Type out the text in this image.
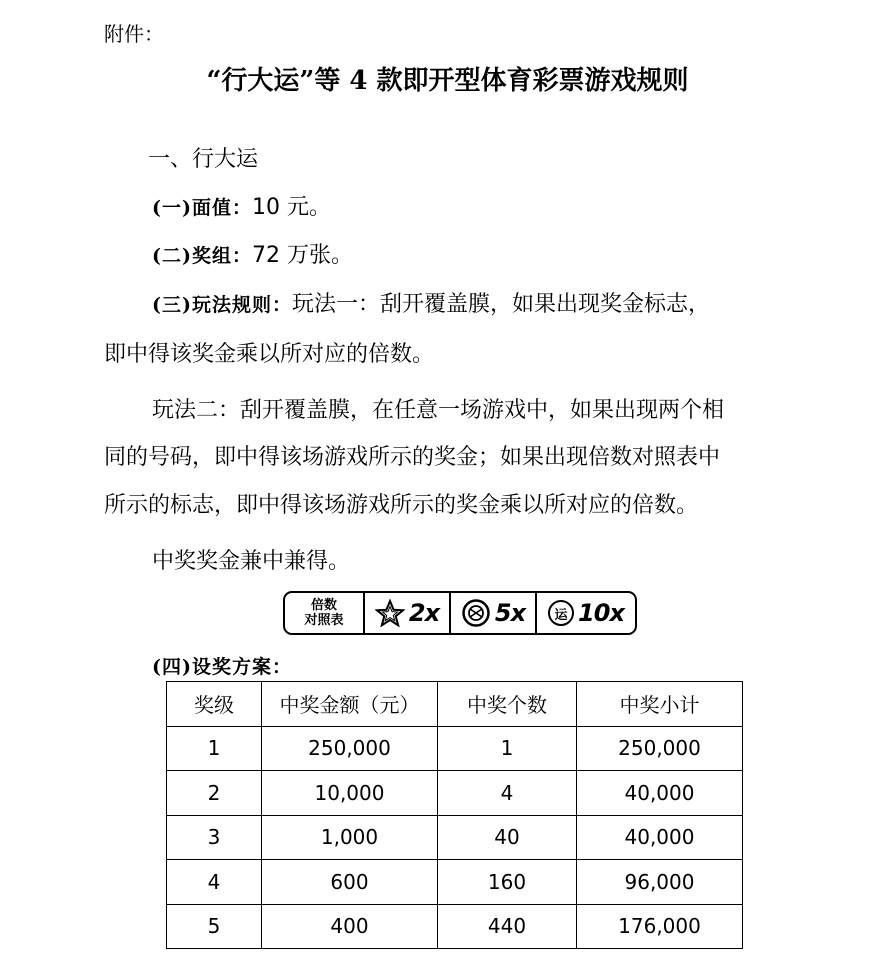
附件：
“行大运”等 4 款即开型体育彩票游戏规则
一、行大运
(一)面值：10 元。
(二)奖组：72 万张。
(三)玩法规则：玩法一：刮开覆盖膜，如果出现奖金标志，
即中得该奖金乘以所对应的倍数。
玩法二：刮开覆盖膜，在任意一场游戏中，如果出现两个相
同的号码，即中得该场游戏所示的奖金；如果出现倍数对照表中
所示的标志，即中得该场游戏所示的奖金乘以所对应的倍数。
中奖奖金兼中兼得。
倍数
对照表	2x 5x	运 10x
(四)设奖方案：
奖级	中奖金额（元）	中奖个数	中奖小计
1	250,000	1	250,000
2	10,000	4	40,000
3	1,000	40	40,000
4	600	160	96,000
5	400	440	176,000
